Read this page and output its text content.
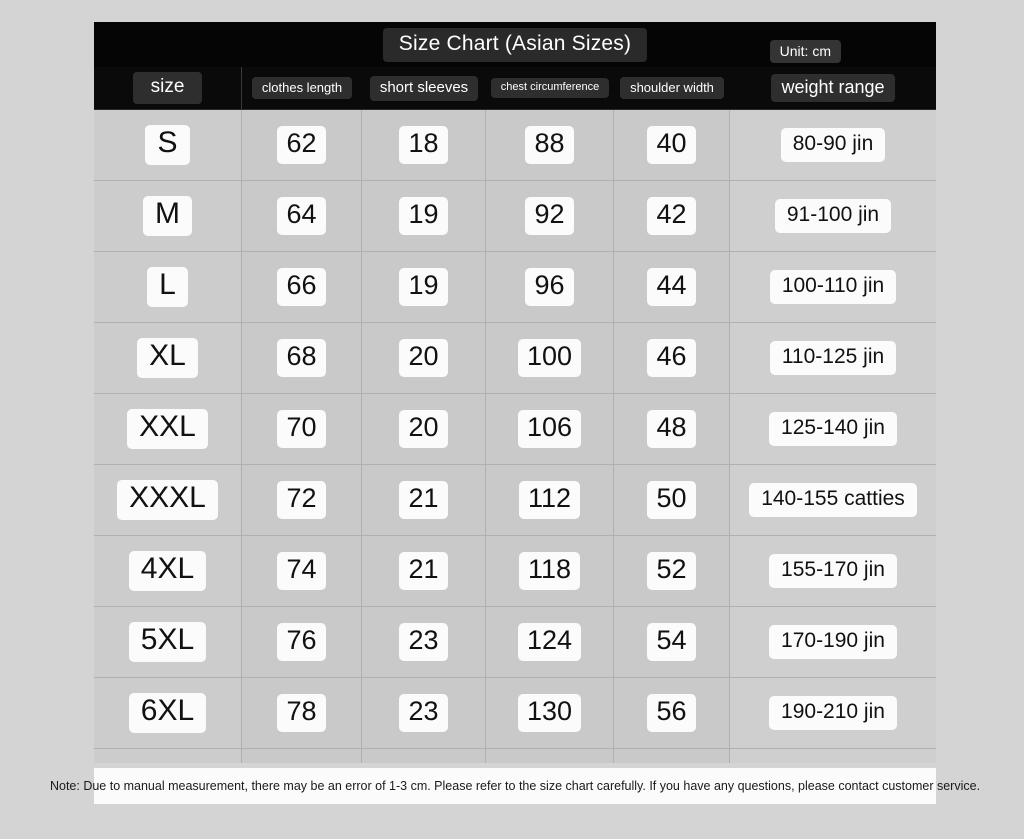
Size Chart (Asian Sizes)	Unit: cm
size	clothes length	short sleeves	chest circumference	shoulder width	weight range
S	62	18	88	40	80-90 jin
M	64	19	92	42	91-100 jin
L	66	19	96	44	100-110 jin
XL	68	20	100	46	110-125 jin
XXL	70	20	106	48	125-140 jin
XXXL	72	21	112	50	140-155 catties
4XL	74	21	118	52	155-170 jin
5XL	76	23	124	54	170-190 jin
6XL	78	23	130	56	190-210 jin
Note: Due to manual measurement, there may be an error of 1-3 cm. Please refer to the size chart carefully. If you have any questions, please contact customer service.
